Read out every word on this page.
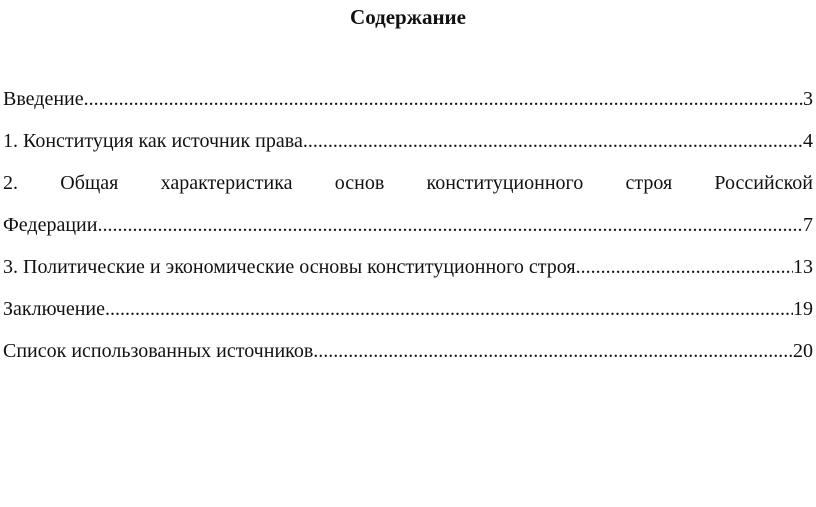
Содержание
Введение .....	3
1. Конституция как источник права .....	4
2. Общая характеристика основ конституционного строя Российской
Федерации .....	7
3. Политические и экономические основы конституционного строя .....	13
Заключение .....	19
Список использованных источников .....	20
